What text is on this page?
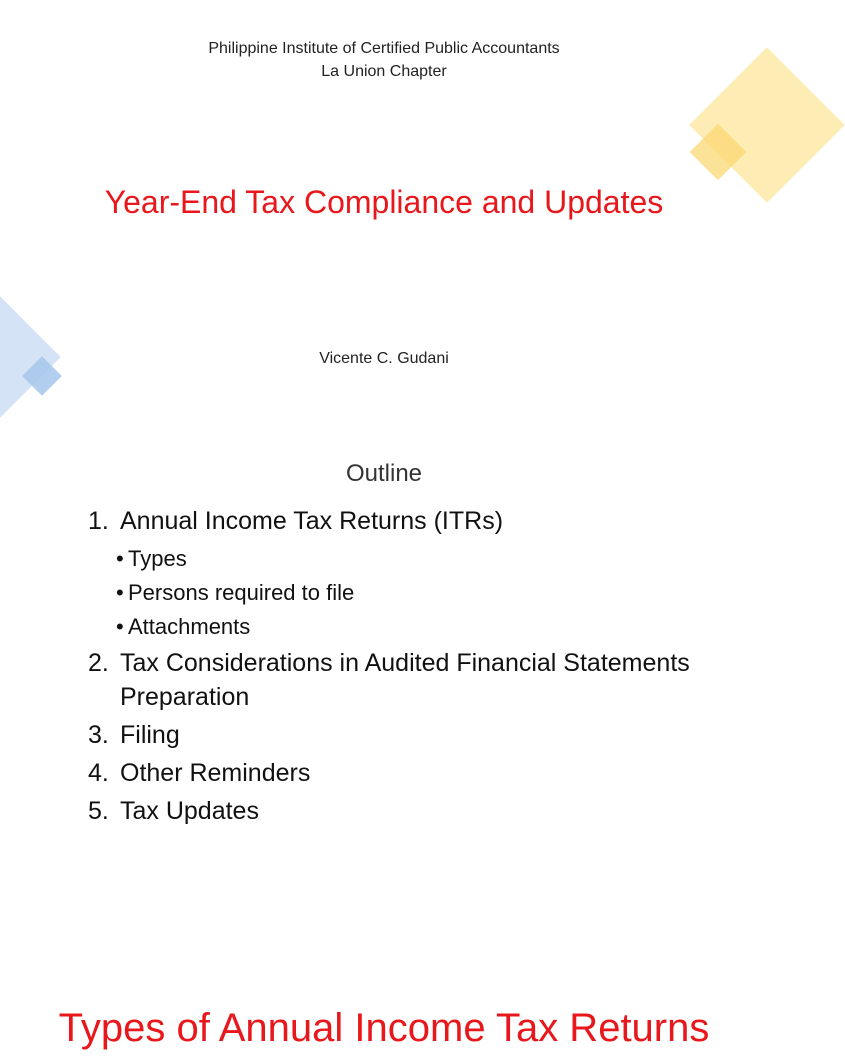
Philippine Institute of Certified Public Accountants
La Union Chapter
Year-End Tax Compliance and Updates
Vicente C. Gudani
Outline
1. Annual Income Tax Returns (ITRs)
• Types
• Persons required to file
• Attachments
2. Tax Considerations in Audited Financial Statements Preparation
3. Filing
4. Other Reminders
5. Tax Updates
Types of Annual Income Tax Returns
